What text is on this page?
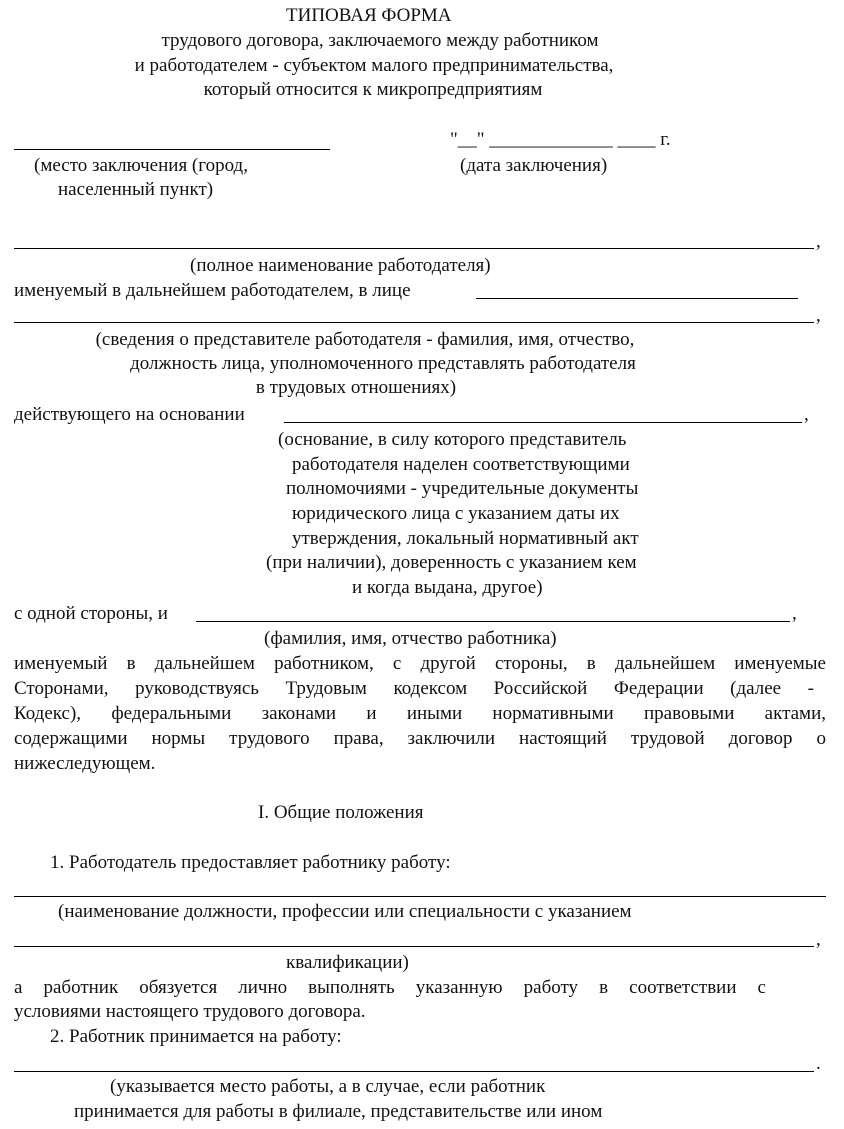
ТИПОВАЯ ФОРМА
трудового договора, заключаемого между работником
и работодателем - субъектом малого предпринимательства,
который относится к микропредприятиям
"__" _____________ ____ г.
(место заключения (город,
населенный пункт)
(дата заключения)
,
(полное наименование работодателя)
именуемый в дальнейшем работодателем, в лице
,
(сведения о представителе работодателя - фамилия, имя, отчество,
должность лица, уполномоченного представлять работодателя
в трудовых отношениях)
действующего на основании	,
(основание, в силу которого представитель
работодателя наделен соответствующими
полномочиями - учредительные документы
юридического лица с указанием даты их
утверждения, локальный нормативный акт
(при наличии), доверенность с указанием кем
и когда выдана, другое)
с одной стороны, и	,
(фамилия, имя, отчество работника)
именуемый в дальнейшем работником, с другой стороны, в дальнейшем именуемые
Сторонами, руководствуясь Трудовым кодексом Российской Федерации (далее -
Кодекс), федеральными законами и иными нормативными правовыми актами,
содержащими нормы трудового права, заключили настоящий трудовой договор о
нижеследующем.
I. Общие положения
1. Работодатель предоставляет работнику работу:
(наименование должности, профессии или специальности с указанием
,
квалификации)
а работник обязуется лично выполнять указанную работу в соответствии с
условиями настоящего трудового договора.
2. Работник принимается на работу:
.
(указывается место работы, а в случае, если работник
принимается для работы в филиале, представительстве или ином
